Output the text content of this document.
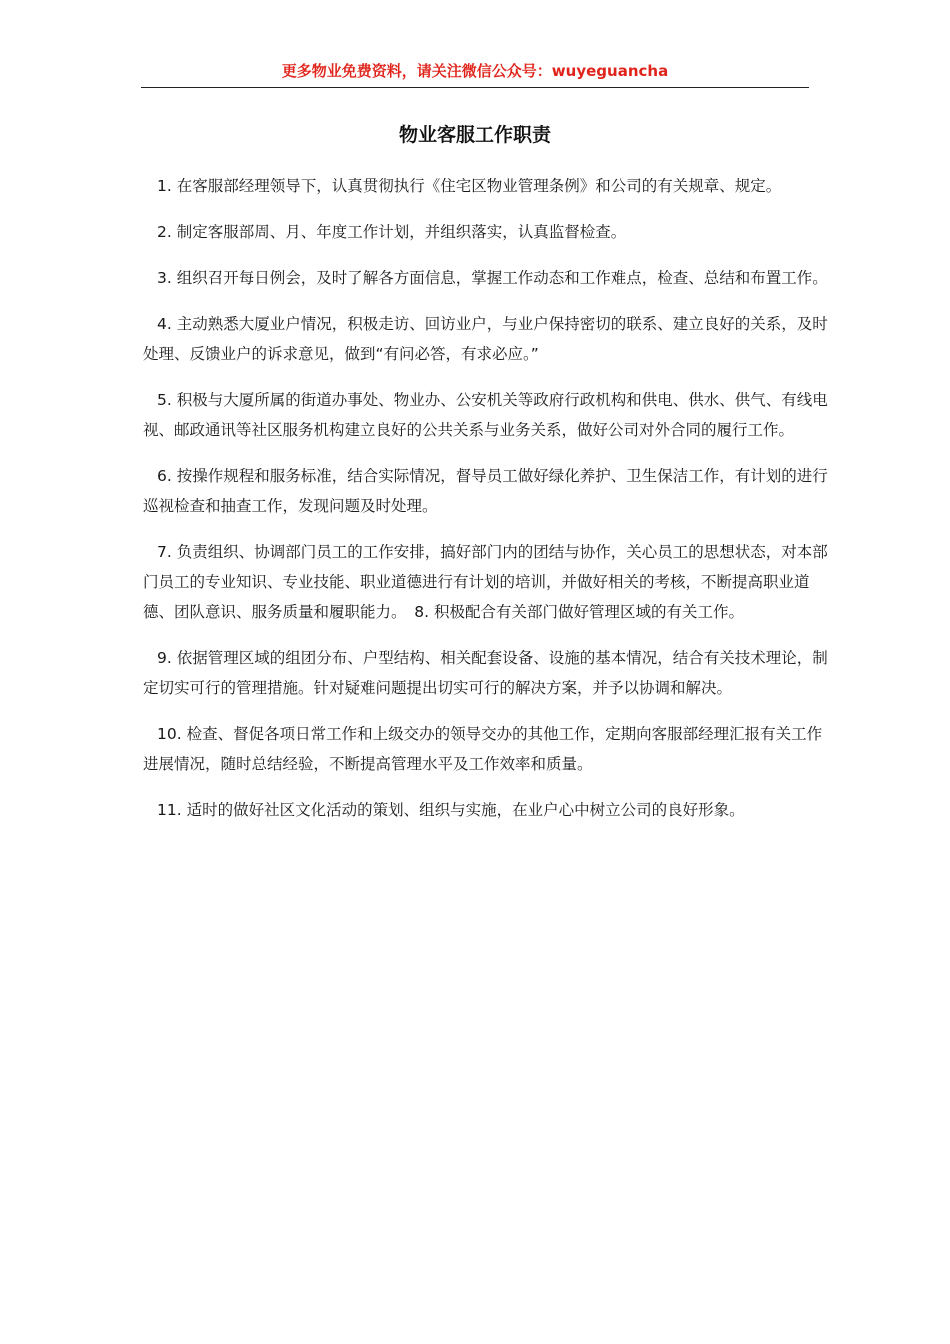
更多物业免费资料，请关注微信公众号：wuyeguancha
物业客服工作职责

1. 在客服部经理领导下，认真贯彻执行《住宅区物业管理条例》和公司的有关规章、规定。

2. 制定客服部周、月、年度工作计划，并组织落实，认真监督检查。

3. 组织召开每日例会，及时了解各方面信息，掌握工作动态和工作难点，检查、总结和布置工作。

4. 主动熟悉大厦业户情况，积极走访、回访业户，与业户保持密切的联系、建立良好的关系，及时处理、反馈业户的诉求意见，做到“有问必答，有求必应。”

5. 积极与大厦所属的街道办事处、物业办、公安机关等政府行政机构和供电、供水、供气、有线电视、邮政通讯等社区服务机构建立良好的公共关系与业务关系，做好公司对外合同的履行工作。

6. 按操作规程和服务标准，结合实际情况，督导员工做好绿化养护、卫生保洁工作，有计划的进行巡视检查和抽查工作，发现问题及时处理。

7. 负责组织、协调部门员工的工作安排，搞好部门内的团结与协作，关心员工的思想状态，对本部门员工的专业知识、专业技能、职业道德进行有计划的培训，并做好相关的考核，不断提高职业道德、团队意识、服务质量和履职能力。　8. 积极配合有关部门做好管理区域的有关工作。

9. 依据管理区域的组团分布、户型结构、相关配套设备、设施的基本情况，结合有关技术理论，制定切实可行的管理措施。针对疑难问题提出切实可行的解决方案，并予以协调和解决。

10. 检查、督促各项日常工作和上级交办的领导交办的其他工作，定期向客服部经理汇报有关工作进展情况，随时总结经验，不断提高管理水平及工作效率和质量。

11. 适时的做好社区文化活动的策划、组织与实施，在业户心中树立公司的良好形象。
